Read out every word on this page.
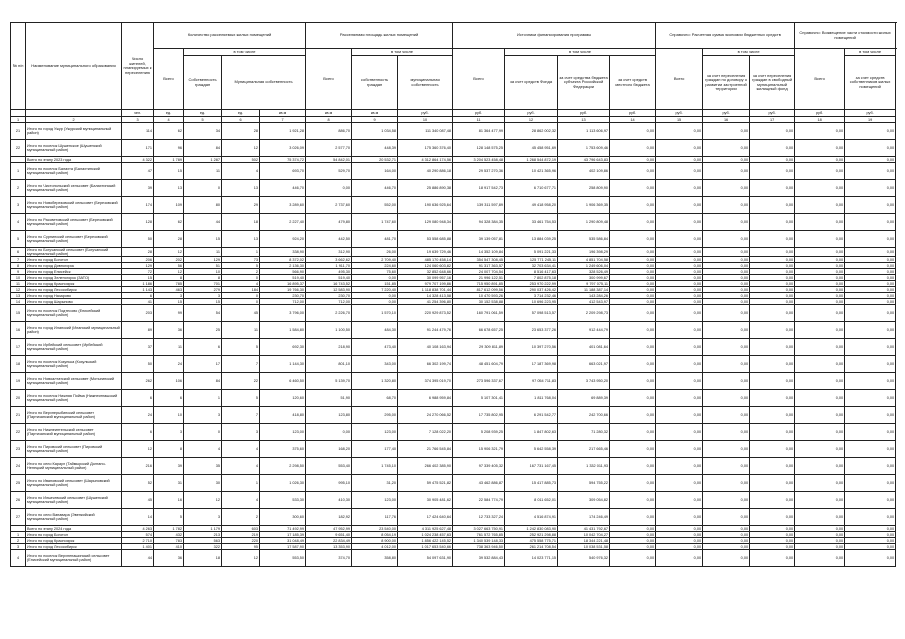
№ п/п	Наименование муниципального образования	Число жителей, планируемых к переселению	Количество расселяемых жилых помещений				Расселяемая площадь жилых помещений			Источники финансирования программы				Справочно: Расчетная сумма экономии бюджетных средств			Справочно: Возмещение части стоимости жилых помещений		
			Всего	в том числе			Всего	в том числе		Всего	в том числе			Всего	в том числе		Всего	в том числе	
				Собственность граждан	Муниципальная собственность			собственность граждан	муниципальная собственность		за счет средств Фонда	за счет средства бюджета субъекта Российской Федерации	за счет средств местного бюджета		за счет переселения граждан по договору о развитии застроенной территории	за счет переселения граждан в свободный муниципальный жилищный фонд		за счет средств собственников жилых помещений	
		чел.	ед.	ед.	ед.	кв.м	кв.м	кв.м	руб.	руб.	руб.	руб.	руб.	руб.	руб.	руб.	руб.	руб.	
1	2	3	4	5	6	7	8	9	10	11	12	13	14	15	16	17	18	19	
21	Итого по город Ужур (Ужурский муниципальный район)	114	62	34	28	1 921,28	886,70	1 034,58	111 340 087,48	81 364 477,99	28 862 002,32	1 113 606,97	0,00	0,00	0,00	0,00	0,00	0,00	
22	Итого по поселок Шушенское (Шушенский муниципальный район)	171	96	84	12	3 026,09	2 577,70	448,39	175 360 376,40	128 148 575,25	45 458 951,69	1 753 609,46	0,00	0,00	0,00	0,00	0,00	0,00	
	Всего по этапу 2023 года	4 322	1 789	1 287	502	75 374,72	54 842,01	20 532,71	4 312 864 174,56	3 204 523 458,48	1 268 544 872,19	43 796 643,83	0,00	0,00	0,00	0,00	0,00	0,00	
1	Итого по поселок Балахта (Балахтинский муниципальный район)	47	15	11	4	693,70	529,70	164,00	40 290 886,18	29 537 270,36	10 421 365,96	402 109,86	0,00	0,00	0,00	0,00	0,00	0,00	
2	Итого по Чистопольский сельсовет (Балахтинский муниципальный район)	39	13	0	13	446,70	0,00	446,70	25 886 890,38	18 917 542,73	6 710 677,71	258 809,90	0,00	0,00	0,00	0,00	0,00	0,00	
3	Итого по Новоберезовский сельсовет (Березовский муниципальный район)	174	109	80	29	3 289,60	2 737,60	552,00	190 636 925,64	139 311 597,89	49 418 958,20	1 906 369,35	0,00	0,00	0,00	0,00	0,00	0,00	
4	Итого по Рассветовский сельсовет (Березовский муниципальный район)	128	62	44	18	2 227,40	479,80	1 747,60	129 080 948,34	94 328 384,35	33 461 754,53	1 290 809,48	0,00	0,00	0,00	0,00	0,00	0,00	
5	Итого по Сурнинский сельсовет (Березовский муниципальный район)	50	28	15	13	924,20	442,50	481,70	53 558 685,88	39 139 057,81	13 884 039,25	535 586,84	0,00	0,00	0,00	0,00	0,00	0,00	
6	Итого по Богучанский сельсовет (Богучанский муниципальный район)	28	12	11	1	338,90	312,90	26,00	19 639 729,46	14 352 109,84	5 091 221,33	196 398,29	0,00	0,00	0,00	0,00	0,00	0,00	
7	Итого по город Боготол	206	202	129	73	8 372,02	3 662,62	2 709,40	485 170 458,14	354 547 308,45	125 771 245,11	4 851 704,58	0,00	0,00	0,00	0,00	0,00	0,00	
8	Итого по город Дивногорск	129	56	51	5	2 136,30	1 911,70	224,60	124 060 603,82	91 317 363,57	32 703 634,41	1 249 606,04	0,00	0,00	0,00	0,00	0,00	0,00	
9	Итого по город Енисейск	72	12	10	2	566,90	495,30	75,60	32 852 648,66	24 007 704,54	8 516 417,63	328 526,49	0,00	0,00	0,00	0,00	0,00	0,00	
10	Итого по город Зеленогорск (ЗАТО)	15	8	8	0	519,40	519,40	0,00	30 099 957,16	21 996 122,51	7 802 875,18	300 999,67	0,00	0,00	0,00	0,00	0,00	0,00	
11	Итого по город Красноярск	1 186	785	701	4	16 895,37	16 743,52	151,85	979 707 199,86	715 950 891,85	253 970 222,99	9 797 075,11	0,00	0,00	0,00	0,00	0,00	0,00	
12	Итого по город Лесосибирск	1 143	463	279	184	19 766,30	12 583,90	7 220,40	1 118 838 701,44	817 612 099,56	290 037 426,42	11 188 387,14	0,00	0,00	0,00	0,00	0,00	0,00	
13	Итого по город Назарово	6	3	3	0	230,70	230,70	0,00	14 328 413,58	10 470 593,26	3 714 232,46	143 284,26	0,00	0,00	0,00	0,00	0,00	0,00	
14	Итого по город Шарыпово	41	15	15	0	712,00	712,00	0,00	41 254 396,80	30 152 538,88	10 696 223,95	412 543,97	0,00	0,00	0,00	0,00	0,00	0,00	
15	Итого по поселок Подтесово (Енисейский муниципальный район)	203	99	54	45	3 796,00	2 226,70	1 570,10	220 929 873,52	160 791 061,59	57 098 513,57	2 209 298,73	0,00	0,00	0,00	0,00	0,00	0,00	
16	Итого по город Иланский (Иланский муниципальный район)	89	36	25	11	1 584,80	1 100,50	484,30	91 244 479,76	66 678 657,25	23 653 377,26	912 444,79	0,00	0,00	0,00	0,00	0,00	0,00	
17	Итого по Ирбейский сельсовет (Ирбейский муниципальный район)	37	11	6	5	692,30	218,90	473,40	40 108 163,94	29 309 811,89	10 397 270,56	401 081,64	0,00	0,00	0,00	0,00	0,00	0,00	
18	Итого по поселок Козулька (Козульский муниципальный район)	50	24	17	7	1 144,30	801,10	343,00	66 302 199,74	48 451 604,79	17 187 369,98	663 021,97	0,00	0,00	0,00	0,00	0,00	0,00	
19	Итого по Новоалтатский сельсовет (Мотыгинский муниципальный район)	262	106	84	22	6 460,50	5 139,70	1 320,80	374 395 019,70	273 596 337,67	97 054 711,83	3 743 950,20	0,00	0,00	0,00	0,00	0,00	0,00	
20	Итого по поселок Нижняя Пойма (Нижнеингашский муниципальный район)	6	6	1	5	120,60	51,90	68,70	6 988 959,84	5 107 301,41	1 811 768,04	69 889,39	0,00	0,00	0,00	0,00	0,00	0,00	
21	Итого по Верхнерыбинский сельсовет (Партизанский муниципальный район)	24	10	3	7	418,80	123,80	295,00	24 270 066,52	17 735 802,95	6 291 542,77	242 700,66	0,00	0,00	0,00	0,00	0,00	0,00	
22	Итого по Нижнеинтельский сельсовет (Партизанский муниципальный район)	6	3	0	3	123,00	0,00	123,00	7 128 022,20	5 208 939,25	1 847 802,63	71 280,32	0,00	0,00	0,00	0,00	0,00	0,00	
23	Итого по Пировский сельсовет (Пировский муниципальный район)	12	8	4	4	375,60	168,20	177,40	21 766 545,84	15 906 321,79	5 642 558,39	217 665,46	0,00	0,00	0,00	0,00	0,00	0,00	
24	Итого по село Караул (Таймырский Долгано-Ненецкий муниципальный район)	216	39	35	4	2 298,50	553,40	1 745,10	266 402 385,90	97 339 405,32	167 731 167,45	1 332 011,93	0,00	0,00	0,00	0,00	0,00	0,00	
25	Итого по Ивановский сельсовет (Шарыповский муниципальный район)	52	31	30	1	1 026,30	995,10	31,20	59 475 521,82	43 462 886,87	15 417 885,73	594 755,22	0,00	0,00	0,00	0,00	0,00	0,00	
26	Итого по Ильичевский сельсовет (Шушенский муниципальный район)	45	16	12	4	533,30	410,30	123,00	30 905 481,62	22 584 774,79	8 011 652,01	309 054,82	0,00	0,00	0,00	0,00	0,00	0,00	
27	Итого по село Ванавара (Эвенкийский муниципальный район)	14	5	3	2	300,60	182,92	117,76	17 424 640,64	12 733 327,24	4 516 874,91	174 246,49	0,00	0,00	0,00	0,00	0,00	0,00	
	Всего по этапу 2024 года	4 263	1 782	1 179	603	71 492,99	47 952,99	23 540,00	4 311 925 627,48	3 027 663 750,91	1 242 830 083,90	41 431 792,67	0,00	0,00	0,00	0,00	0,00	0,00	
1	Итого по город Боготол	574	432	213	219	17 185,39	9 651,40	8 054,19	1 024 238 457,63	761 572 765,85	252 921 298,88	10 042 704,27	0,00	0,00	0,00	0,00	0,00	0,00	
2	Итого по город Красноярск	2 710	783	563	220	31 048,49	22 834,49	8 900,00	1 856 422 145,52	1 340 539 148,33	475 558 775,71	18 344 221,48	0,00	0,00	0,00	0,00	0,00	0,00	
3	Итого по город Лесосибирск	1 401	410	322	95	17 587,90	13 353,90	4 012,00	1 017 653 540,66	738 363 946,50	261 214 708,54	10 038 531,58	0,00	0,00	0,00	0,00	0,00	0,00	
4	Итого по поселок Верхнепашинский сельсовет (Енисейский муниципальный район)	44	36	18	12	553,50	374,70	358,80	54 097 631,90	39 532 884,43	14 023 771,15	540 976,32	0,00	0,00	0,00	0,00	0,00	0,00	
